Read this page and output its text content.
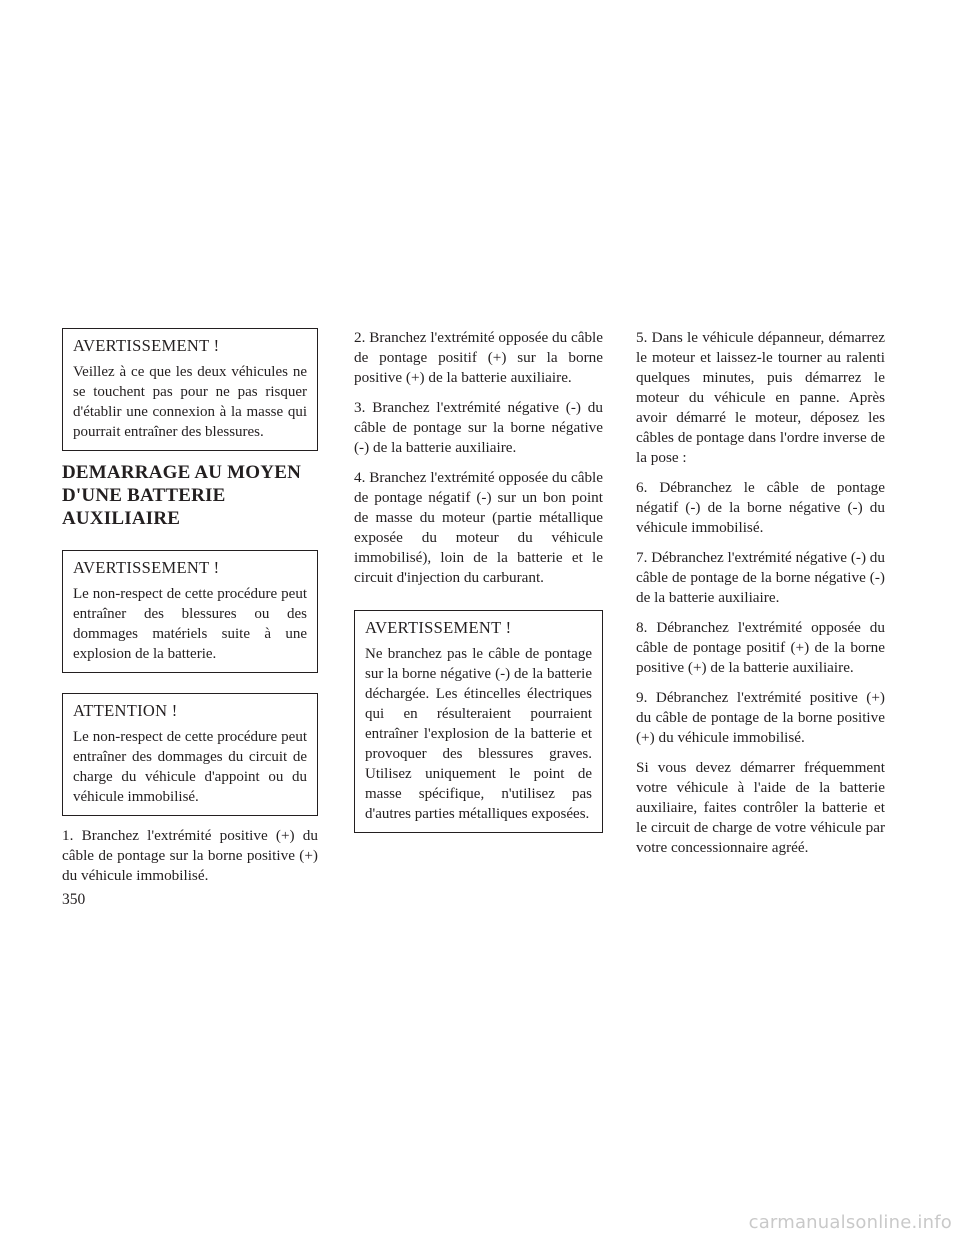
AVERTISSEMENT !

Veillez à ce que les deux véhicules ne se touchent pas pour ne pas risquer d'établir une connexion à la masse qui pourrait entraîner des blessures.

DEMARRAGE AU MOYEN
D'UNE BATTERIE
AUXILIAIRE
AVERTISSEMENT !

Le non-respect de cette procédure peut entraîner des blessures ou des dommages matériels suite à une explosion de la batterie.

ATTENTION !

Le non-respect de cette procédure peut entraîner des dommages du circuit de charge du véhicule d'appoint ou du véhicule immobilisé.

1. Branchez l'extrémité positive (+) du câble de pontage sur la borne positive (+) du véhicule immobilisé.

2. Branchez l'extrémité opposée du câble de pontage positif (+) sur la borne positive (+) de la batterie auxiliaire.

3. Branchez l'extrémité négative (-) du câble de pontage sur la borne négative (-) de la batterie auxiliaire.

4. Branchez l'extrémité opposée du câble de pontage négatif (-) sur un bon point de masse du moteur (partie métallique exposée du moteur du véhicule immobilisé), loin de la batterie et le circuit d'injection du carburant.

AVERTISSEMENT !

Ne branchez pas le câble de pontage sur la borne négative (-) de la batterie déchargée. Les étincelles électriques qui en résulteraient pourraient entraîner l'explosion de la batterie et provoquer des blessures graves. Utilisez uniquement le point de masse spécifique, n'utilisez pas d'autres parties métalliques exposées.

5. Dans le véhicule dépanneur, démarrez le moteur et laissez-le tourner au ralenti quelques minutes, puis démarrez le moteur du véhicule en panne. Après avoir démarré le moteur, déposez les câbles de pontage dans l'ordre inverse de la pose :

6. Débranchez le câble de pontage négatif (-) de la borne négative (-) du véhicule immobilisé.

7. Débranchez l'extrémité négative (-) du câble de pontage de la borne négative (-) de la batterie auxiliaire.

8. Débranchez l'extrémité opposée du câble de pontage positif (+) de la borne positive (+) de la batterie auxiliaire.

9. Débranchez l'extrémité positive (+) du câble de pontage de la borne positive (+) du véhicule immobilisé.

Si vous devez démarrer fréquemment votre véhicule à l'aide de la batterie auxiliaire, faites contrôler la batterie et le circuit de charge de votre véhicule par votre concessionnaire agréé.

350
carmanualsonline.info
